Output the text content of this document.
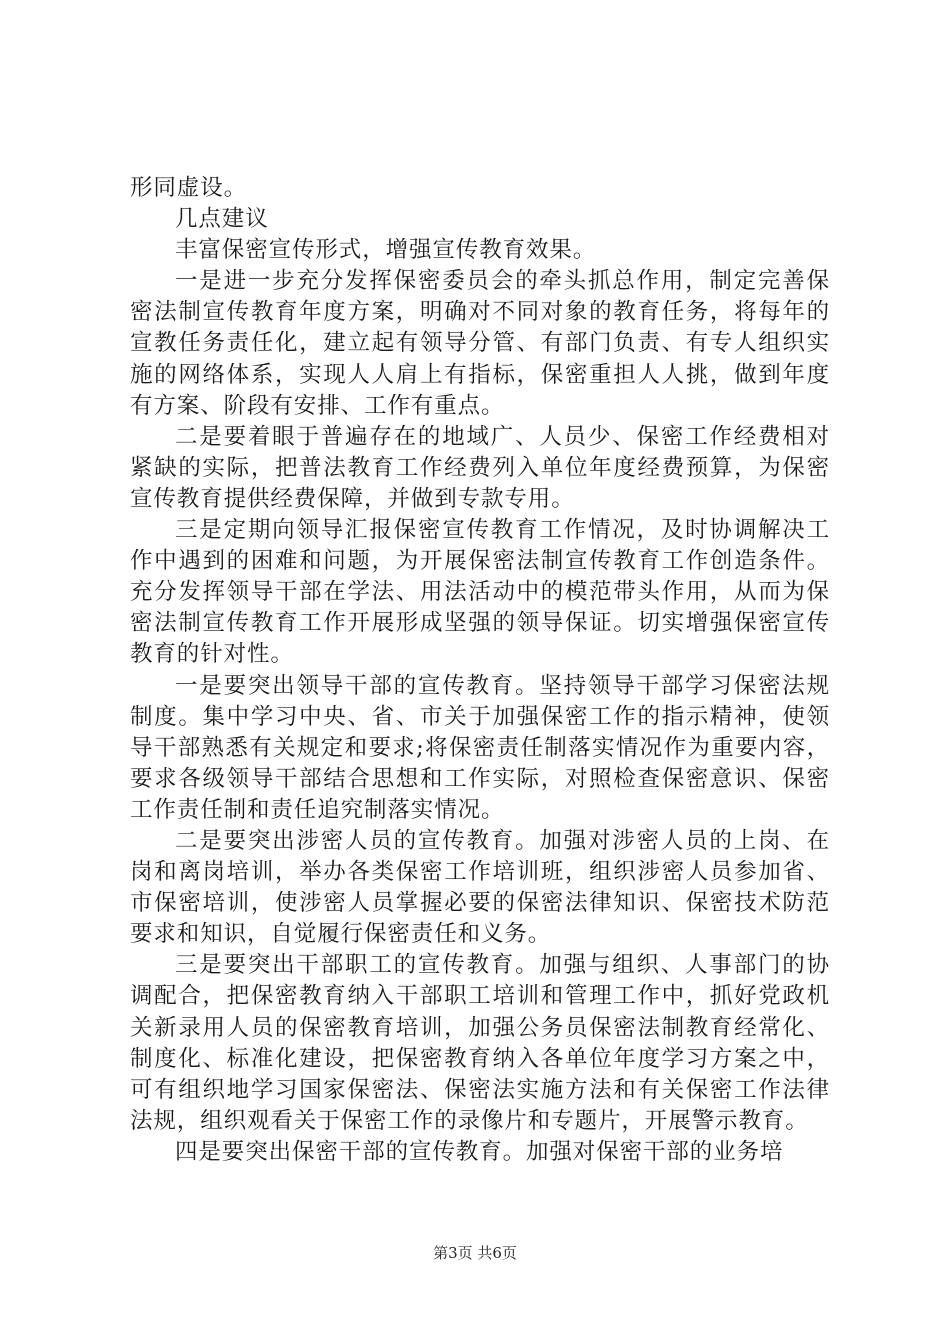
形同虚设。

几点建议

丰富保密宣传形式，增强宣传教育效果。

一是进一步充分发挥保密委员会的牵头抓总作用，制定完善保密法制宣传教育年度方案，明确对不同对象的教育任务，将每年的宣教任务责任化，建立起有领导分管、有部门负责、有专人组织实施的网络体系，实现人人肩上有指标，保密重担人人挑，做到年度有方案、阶段有安排、工作有重点。

二是要着眼于普遍存在的地域广、人员少、保密工作经费相对紧缺的实际，把普法教育工作经费列入单位年度经费预算，为保密宣传教育提供经费保障，并做到专款专用。

三是定期向领导汇报保密宣传教育工作情况，及时协调解决工作中遇到的困难和问题，为开展保密法制宣传教育工作创造条件。充分发挥领导干部在学法、用法活动中的模范带头作用，从而为保密法制宣传教育工作开展形成坚强的领导保证。切实增强保密宣传教育的针对性。

一是要突出领导干部的宣传教育。坚持领导干部学习保密法规制度。集中学习中央、省、市关于加强保密工作的指示精神，使领导干部熟悉有关规定和要求;将保密责任制落实情况作为重要内容，要求各级领导干部结合思想和工作实际，对照检查保密意识、保密工作责任制和责任追究制落实情况。

二是要突出涉密人员的宣传教育。加强对涉密人员的上岗、在岗和离岗培训，举办各类保密工作培训班，组织涉密人员参加省、市保密培训，使涉密人员掌握必要的保密法律知识、保密技术防范要求和知识，自觉履行保密责任和义务。

三是要突出干部职工的宣传教育。加强与组织、人事部门的协调配合，把保密教育纳入干部职工培训和管理工作中，抓好党政机关新录用人员的保密教育培训，加强公务员保密法制教育经常化、制度化、标准化建设，把保密教育纳入各单位年度学习方案之中，可有组织地学习国家保密法、保密法实施方法和有关保密工作法律法规，组织观看关于保密工作的录像片和专题片，开展警示教育。

四是要突出保密干部的宣传教育。加强对保密干部的业务培

第3页 共6页
